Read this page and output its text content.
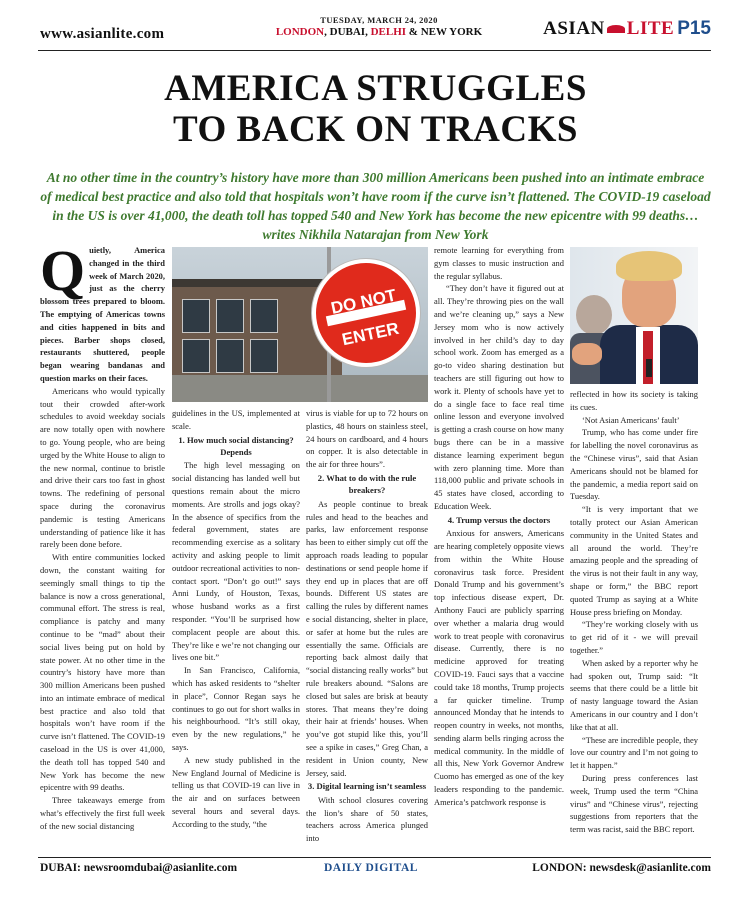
www.asianlite.com
TUESDAY, MARCH 24, 2020
LONDON, DUBAI, DELHI & NEW YORK	ASIAN LITE P15
AMERICA STRUGGLES
TO BACK ON TRACKS
At no other time in the country’s history have more than 300 million Americans been pushed into an intimate embrace of medical best practice and also told that hospitals won’t have room if the curve isn’t flattened. The COVID-19 caseload in the US is over 41,000, the death toll has topped 540 and New York has become the new epicentre with 99 deaths…writes Nikhila Natarajan from New York
DO NOT
ENTER

Quietly, America changed in the third week of March 2020, just as the cherry blossom trees prepared to bloom. The emptying of Americas towns and cities happened in bits and pieces. Barber shops closed, restaurants shuttered, people began wearing bandanas and question marks on their faces.

Americans who would typically tout their crowded after-work schedules to avoid weekday socials are now totally open with nowhere to go. Young people, who are being urged by the White House to align to the new normal, continue to bristle and drive their cars too fast in ghost towns. The redefining of personal space during the coronavirus pandemic is testing Americans understanding of patience like it has rarely been done before.

With entire communities locked down, the constant waiting for seemingly small things to tip the balance is now a cross generational, communal effort. The stress is real, compliance is patchy and many continue to be “mad” about their social lives being put on hold by state power. At no other time in the country’s history have more than 300 million Americans been pushed into an intimate embrace of medical best practice and also told that hospitals won’t have room if the curve isn’t flattened. The COVID-19 caseload in the US is over 41,000, the death toll has topped 540 and New York has become the new epicentre with 99 deaths.

Three takeaways emerge from what’s effectively the first full week of the new social distancing

guidelines in the US, implemented at scale.

1. How much social distancing? Depends

The high level messaging on social distancing has landed well but questions remain about the micro moments. Are strolls and jogs okay? In the absence of specifics from the federal government, states are recommending exercise as a solitary activity and asking people to limit outdoor recreational activities to non-contact sport. “Don’t go out!” says Anni Lundy, of Houston, Texas, whose husband works as a first responder. “You’ll be surprised how complacent people are about this. They’re like e we’re not changing our lives one bit.”

In San Francisco, California, which has asked residents to “shelter in place”, Connor Regan says he continues to go out for short walks in his neighbourhood. “It’s still okay, even by the new regulations,” he says.

A new study published in the New England Journal of Medicine is telling us that COVID-19 can live in the air and on surfaces between several hours and several days. According to the study, “the

virus is viable for up to 72 hours on plastics, 48 hours on stainless steel, 24 hours on cardboard, and 4 hours on copper. It is also detectable in the air for three hours”.

2. What to do with the rule breakers?

As people continue to break rules and head to the beaches and parks, law enforcement response has been to either simply cut off the approach roads leading to popular destinations or send people home if they end up in places that are off bounds. Different US states are calling the rules by different names e social distancing, shelter in place, or safer at home but the rules are essentially the same. Officials are reporting back almost daily that “social distancing really works” but rule breakers abound. “Salons are closed but sales are brisk at beauty stores. That means they’re doing their hair at friends’ houses. When you’ve got stupid like this, you’ll see a spike in cases,” Greg Chan, a resident in Union county, New Jersey, said.

3. Digital learning isn’t seamless

With school closures covering the lion’s share of 50 states, teachers across America plunged into

remote learning for everything from gym classes to music instruction and the regular syllabus.

“They don’t have it figured out at all. They’re throwing pies on the wall and we’re cleaning up,” says a New Jersey mom who is now actively involved in her child’s day to day school work. Zoom has emerged as a go-to video sharing destination but teachers are still figuring out how to work it. Plenty of schools have yet to do a single face to face real time online lesson and everyone involved is getting a crash course on how many bugs there can be in a massive distance learning experiment begun with zero planning time. More than 118,000 public and private schools in 45 states have closed, according to Education Week.

4. Trump versus the doctors

Anxious for answers, Americans are hearing completely opposite views from within the White House coronavirus task force. President Donald Trump and his government’s top infectious disease expert, Dr. Anthony Fauci are publicly sparring over whether a malaria drug would work to treat people with coronavirus disease. Currently, there is no medicine approved for treating COVID-19. Fauci says that a vaccine could take 18 months, Trump projects a far quicker timeline. Trump announced Monday that he intends to reopen country in weeks, not months, sending alarm bells ringing across the medical community. In the middle of all this, New York Governor Andrew Cuomo has emerged as one of the key leaders responding to the pandemic. America’s patchwork response is

reflected in how its society is taking its cues.

‘Not Asian Americans’ fault’

Trump, who has come under fire for labelling the novel coronavirus as the “Chinese virus”, said that Asian Americans should not be blamed for the pandemic, a media report said on Tuesday.

“It is very important that we totally protect our Asian American community in the United States and all around the world. They’re amazing people and the spreading of the virus is not their fault in any way, shape or form,” the BBC report quoted Trump as saying at a White House press briefing on Monday.

“They’re working closely with us to get rid of it - we will prevail together.”

When asked by a reporter why he had spoken out, Trump said: “It seems that there could be a little bit of nasty language toward the Asian Americans in our country and I don’t like that at all.

“These are incredible people, they love our country and I’m not going to let it happen.”

During press conferences last week, Trump used the term “China virus” and “Chinese virus”, rejecting suggestions from reporters that the term was racist, said the BBC report.

DUBAI: newsroomdubai@asianlite.com	DAILY DIGITAL	LONDON: newsdesk@asianlite.com
